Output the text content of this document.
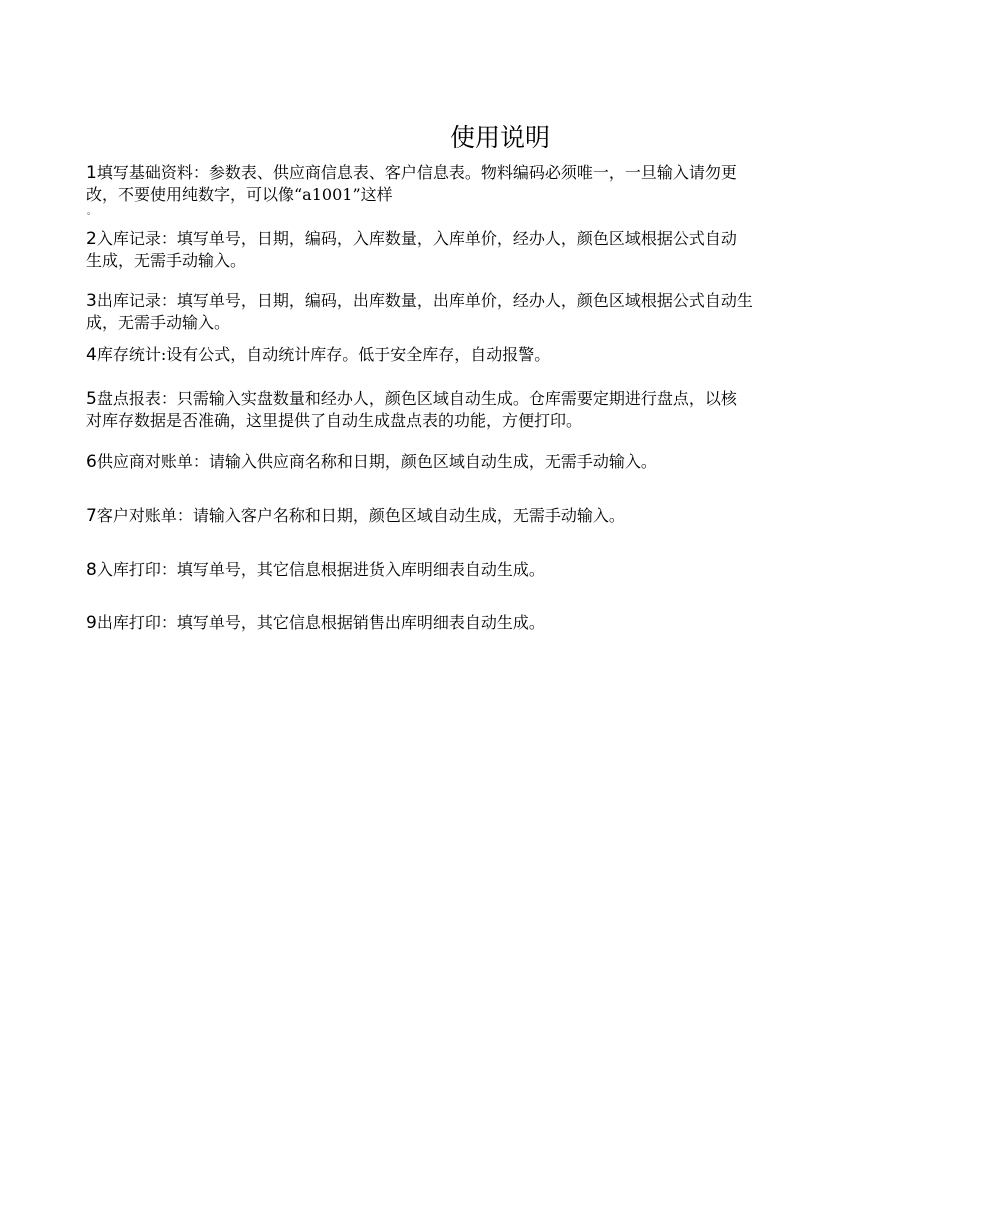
使用说明
1填写基础资料：参数表、供应商信息表、客户信息表。物料编码必须唯一，一旦输入请勿更
改，不要使用纯数字，可以像“a1001”这样
。
2入库记录：填写单号，日期，编码，入库数量，入库单价，经办人，颜色区域根据公式自动
生成，无需手动输入。
3出库记录：填写单号，日期，编码，出库数量，出库单价，经办人，颜色区域根据公式自动生
成，无需手动输入。
4库存统计:设有公式，自动统计库存。低于安全库存，自动报警。
5盘点报表：只需输入实盘数量和经办人，颜色区域自动生成。仓库需要定期进行盘点，以核
对库存数据是否准确，这里提供了自动生成盘点表的功能，方便打印。
6供应商对账单：请输入供应商名称和日期，颜色区域自动生成，无需手动输入。
7客户对账单：请输入客户名称和日期，颜色区域自动生成，无需手动输入。
8入库打印：填写单号，其它信息根据进货入库明细表自动生成。
9出库打印：填写单号，其它信息根据销售出库明细表自动生成。
